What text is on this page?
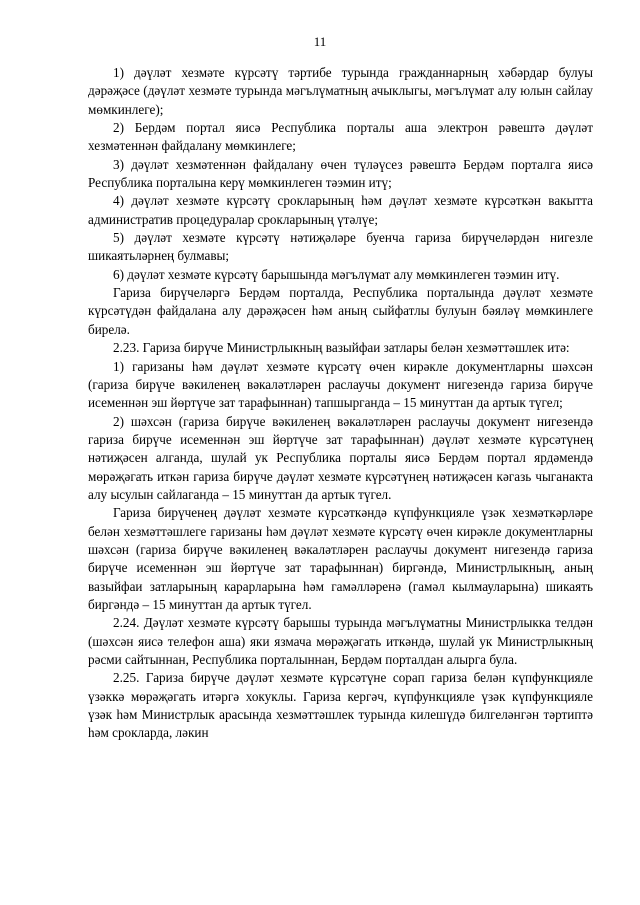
11

1) дәүләт хезмәте күрсәтү тәртибе турында гражданнарның хәбәрдар булуы дәрәҗәсе (дәүләт хезмәте турында мәгълүматның ачыклыгы, мәгълүмат алу юлын сайлау мөмкинлеге);

2) Бердәм портал яисә Республика порталы аша электрон рәвештә дәүләт хезмәтеннән файдалану мөмкинлеге;

3) дәүләт хезмәтеннән файдалану өчен түләүсез рәвештә Бердәм порталга яисә Республика порталына керү мөмкинлеген тәэмин итү;

4) дәүләт хезмәте күрсәтү срокларының һәм дәүләт хезмәте күрсәткән вакытта административ процедуралар срокларының үтәлүе;

5) дәүләт хезмәте күрсәтү нәтиҗәләре буенча гариза бирүчеләрдән нигезле шикаятьләрнең булмавы;

6) дәүләт хезмәте күрсәтү барышында мәгълүмат алу мөмкинлеген тәэмин итү.

Гариза бирүчеләргә Бердәм порталда, Республика порталында дәүләт хезмәте күрсәтүдән файдалана алу дәрәҗәсен һәм аның сыйфатлы булуын бәяләү мөмкинлеге бирелә.

2.23. Гариза бирүче Министрлыкның вазыйфаи затлары белән хезмәттәшлек итә:

1) гаризаны һәм дәүләт хезмәте күрсәтү өчен кирәкле документларны шәхсән (гариза бирүче вәкиленең вәкаләтләрен раслаучы документ нигезендә гариза бирүче исеменнән эш йөртүче зат тарафыннан) тапшырганда – 15 минуттан да артык түгел;

2) шәхсән (гариза бирүче вәкиленең вәкаләтләрен раслаучы документ нигезендә гариза бирүче исеменнән эш йөртүче зат тарафыннан) дәүләт хезмәте күрсәтүнең нәтиҗәсен алганда, шулай ук Республика порталы яисә Бердәм портал ярдәмендә мөрәҗәгать иткән гариза бирүче дәүләт хезмәте күрсәтүнең нәтиҗәсен кәгазь чыганакта алу ысулын сайлаганда – 15 минуттан да артык түгел.

Гариза бирүченең дәүләт хезмәте күрсәткәндә күпфункцияле үзәк хезмәткәрләре белән хезмәттәшлеге гаризаны һәм дәүләт хезмәте күрсәтү өчен кирәкле документларны шәхсән (гариза бирүче вәкиленең вәкаләтләрен раслаучы документ нигезендә гариза бирүче исеменнән эш йөртүче зат тарафыннан) биргәндә, Министрлыкның, аның вазыйфаи затларының карарларына һәм гамәлләренә (гамәл кылмауларына) шикаять биргәндә – 15 минуттан да артык түгел.

2.24. Дәүләт хезмәте күрсәтү барышы турында мәгълүматны Министрлыкка телдән (шәхсән яисә телефон аша) яки язмача мөрәҗәгать иткәндә, шулай ук Министрлыкның рәсми сайтыннан, Республика порталыннан, Бердәм порталдан алырга була.

2.25. Гариза бирүче дәүләт хезмәте күрсәтүне сорап гариза белән күпфункцияле үзәккә мөрәҗәгать итәргә хокуклы. Гариза кергәч, күпфункцияле үзәк күпфункцияле үзәк һәм Министрлык арасында хезмәттәшлек турында килешүдә билгеләнгән тәртиптә һәм срокларда, ләкин
